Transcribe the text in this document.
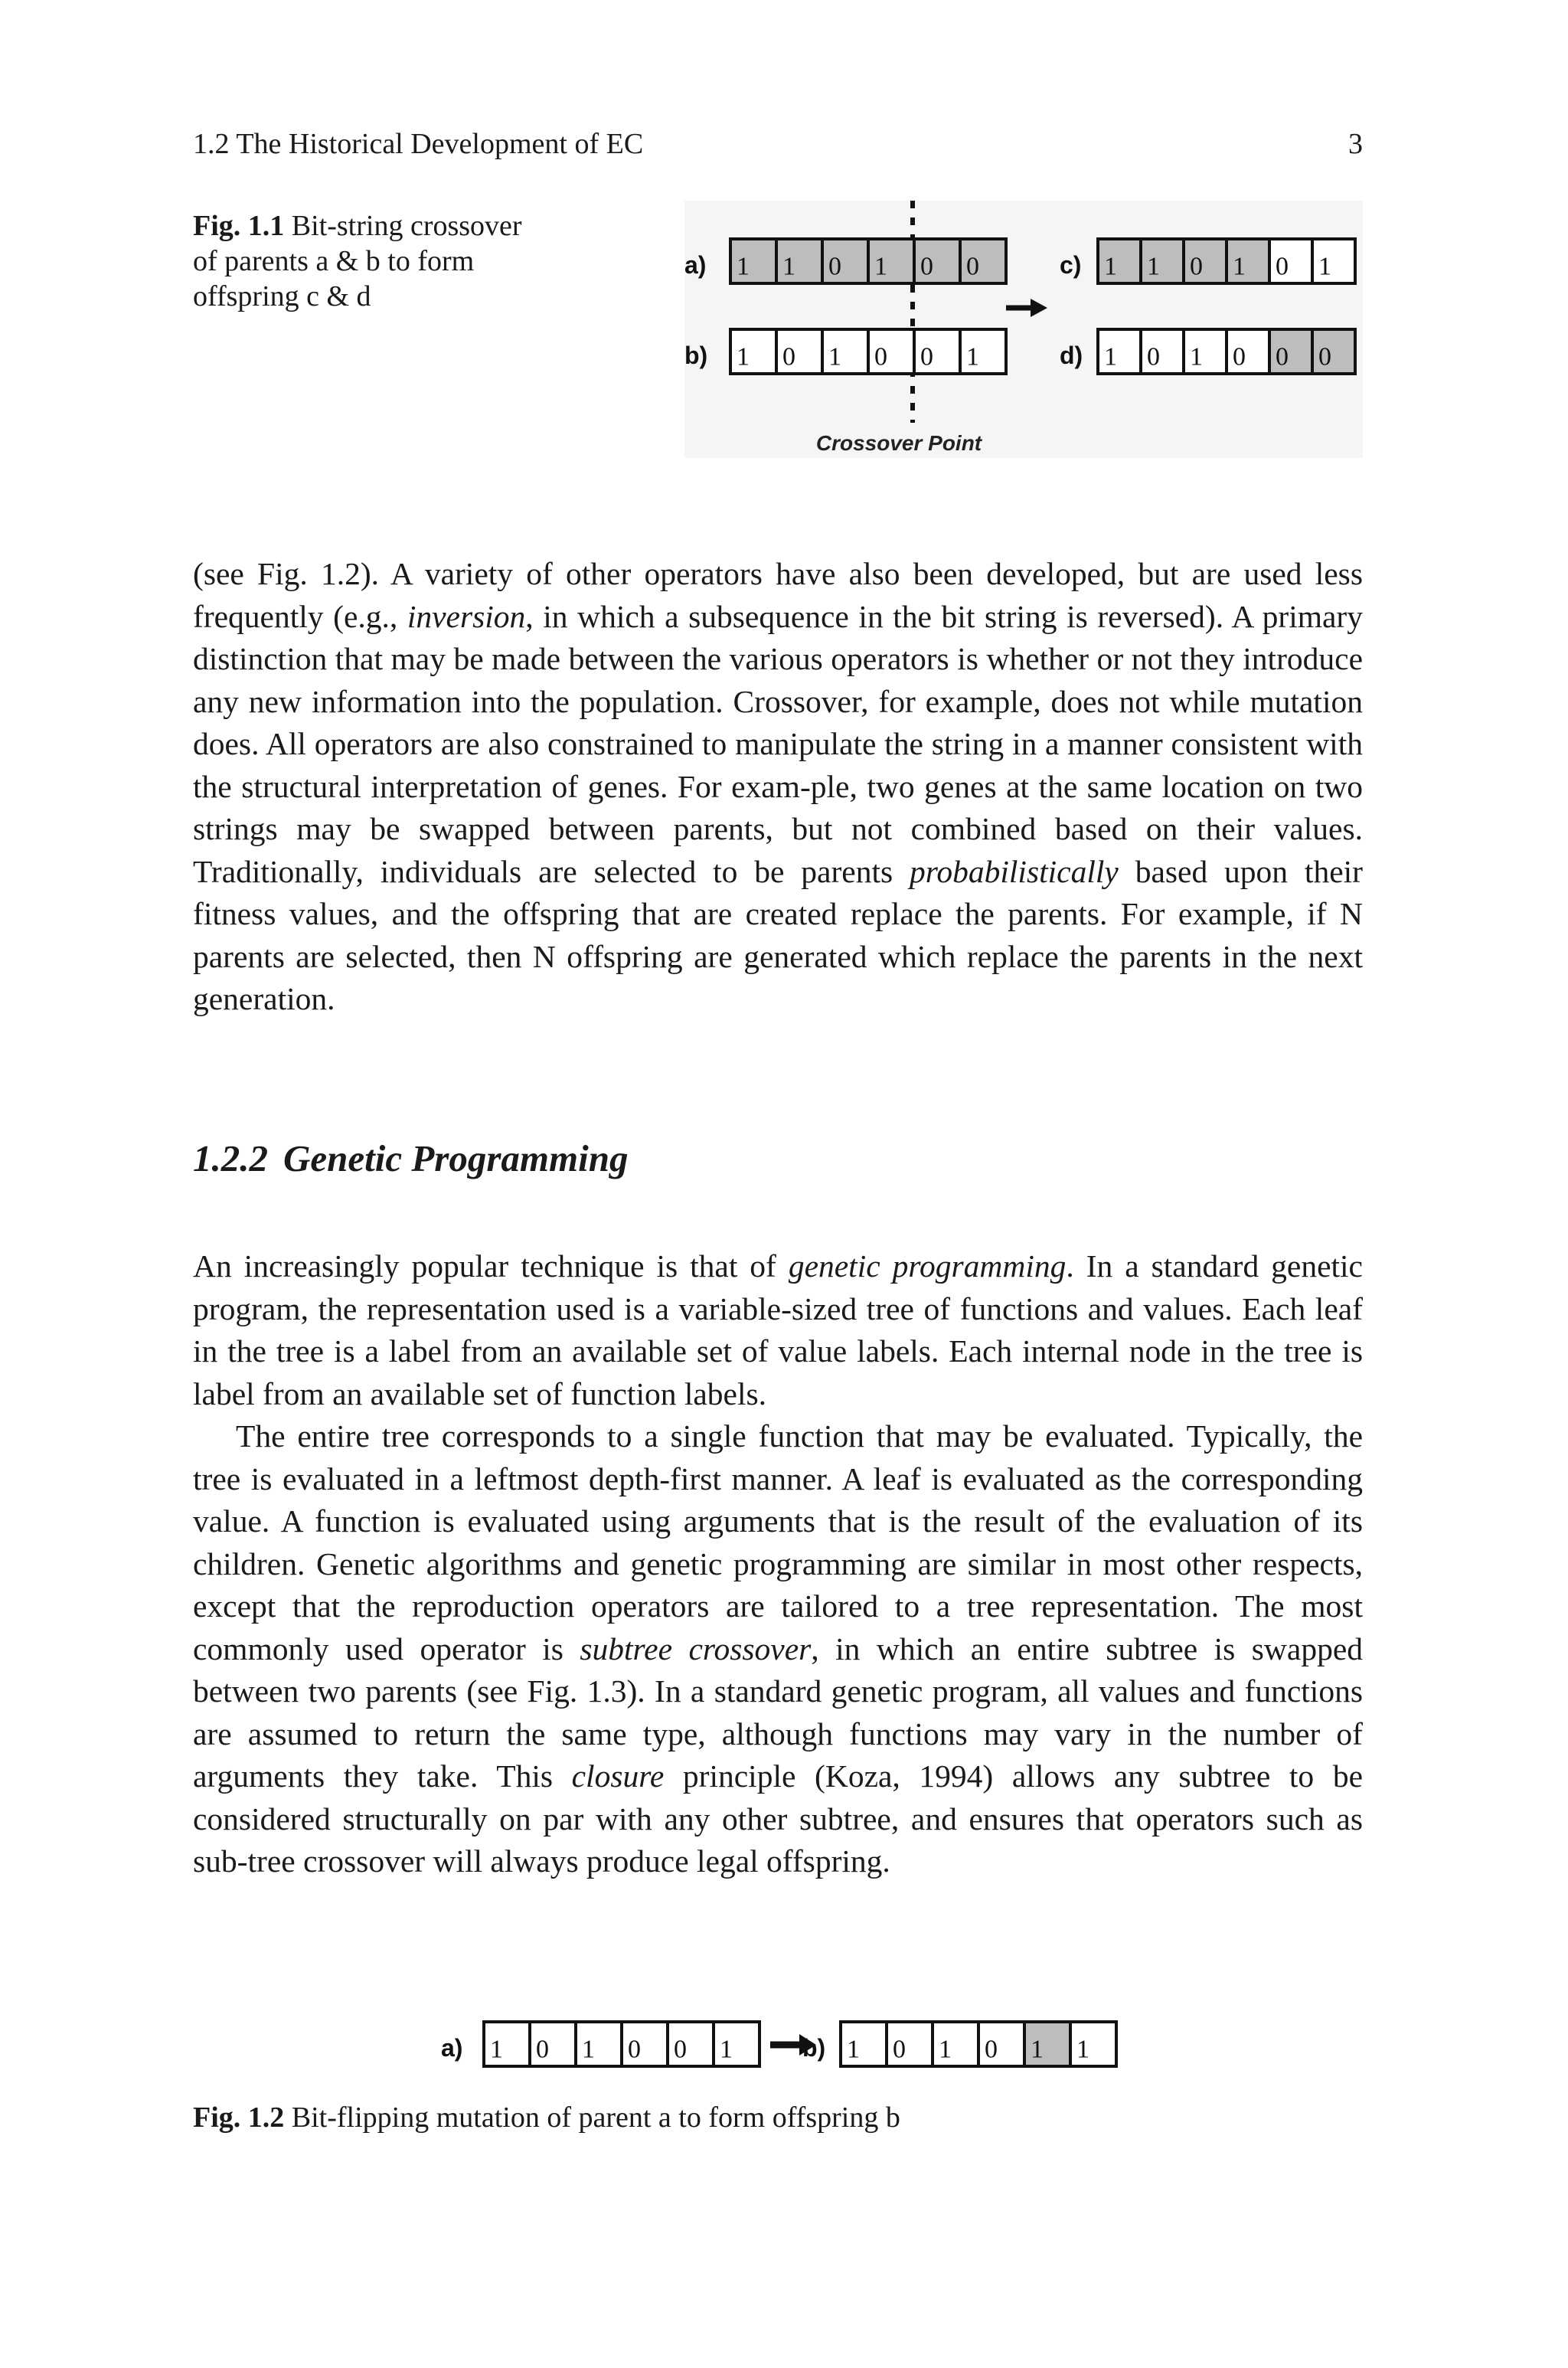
1.2 The Historical Development of EC	3
Fig. 1.1 Bit-string crossover of parents a & b to form offspring c & d
a) 1 1 0 1 0 0
b) 1 0 1 0 0 1
c) 1 1 0 1 0 1
d) 1 0 1 0 0 0
Crossover Point

(see Fig. 1.2). A variety of other operators have also been developed, but are used less frequently (e.g., inversion, in which a subsequence in the bit string is reversed). A primary distinction that may be made between the various operators is whether or not they introduce any new information into the population. Crossover, for example, does not while mutation does. All operators are also constrained to manipulate the string in a manner consistent with the structural interpretation of genes. For exam-ple, two genes at the same location on two strings may be swapped between parents, but not combined based on their values. Traditionally, individuals are selected to be parents probabilistically based upon their fitness values, and the offspring that are created replace the parents. For example, if N parents are selected, then N offspring are generated which replace the parents in the next generation.

1.2.2 Genetic Programming

An increasingly popular technique is that of genetic programming. In a standard genetic program, the representation used is a variable-sized tree of functions and values. Each leaf in the tree is a label from an available set of value labels. Each internal node in the tree is label from an available set of function labels.

The entire tree corresponds to a single function that may be evaluated. Typically, the tree is evaluated in a leftmost depth-first manner. A leaf is evaluated as the corresponding value. A function is evaluated using arguments that is the result of the evaluation of its children. Genetic algorithms and genetic programming are similar in most other respects, except that the reproduction operators are tailored to a tree representation. The most commonly used operator is subtree crossover, in which an entire subtree is swapped between two parents (see Fig. 1.3). In a standard genetic program, all values and functions are assumed to return the same type, although functions may vary in the number of arguments they take. This closure principle (Koza, 1994) allows any subtree to be considered structurally on par with any other subtree, and ensures that operators such as sub-tree crossover will always produce legal offspring.

a) 1 0 1 0 0 1	b) 1 0 1 0 1 1
Fig. 1.2 Bit-flipping mutation of parent a to form offspring b
